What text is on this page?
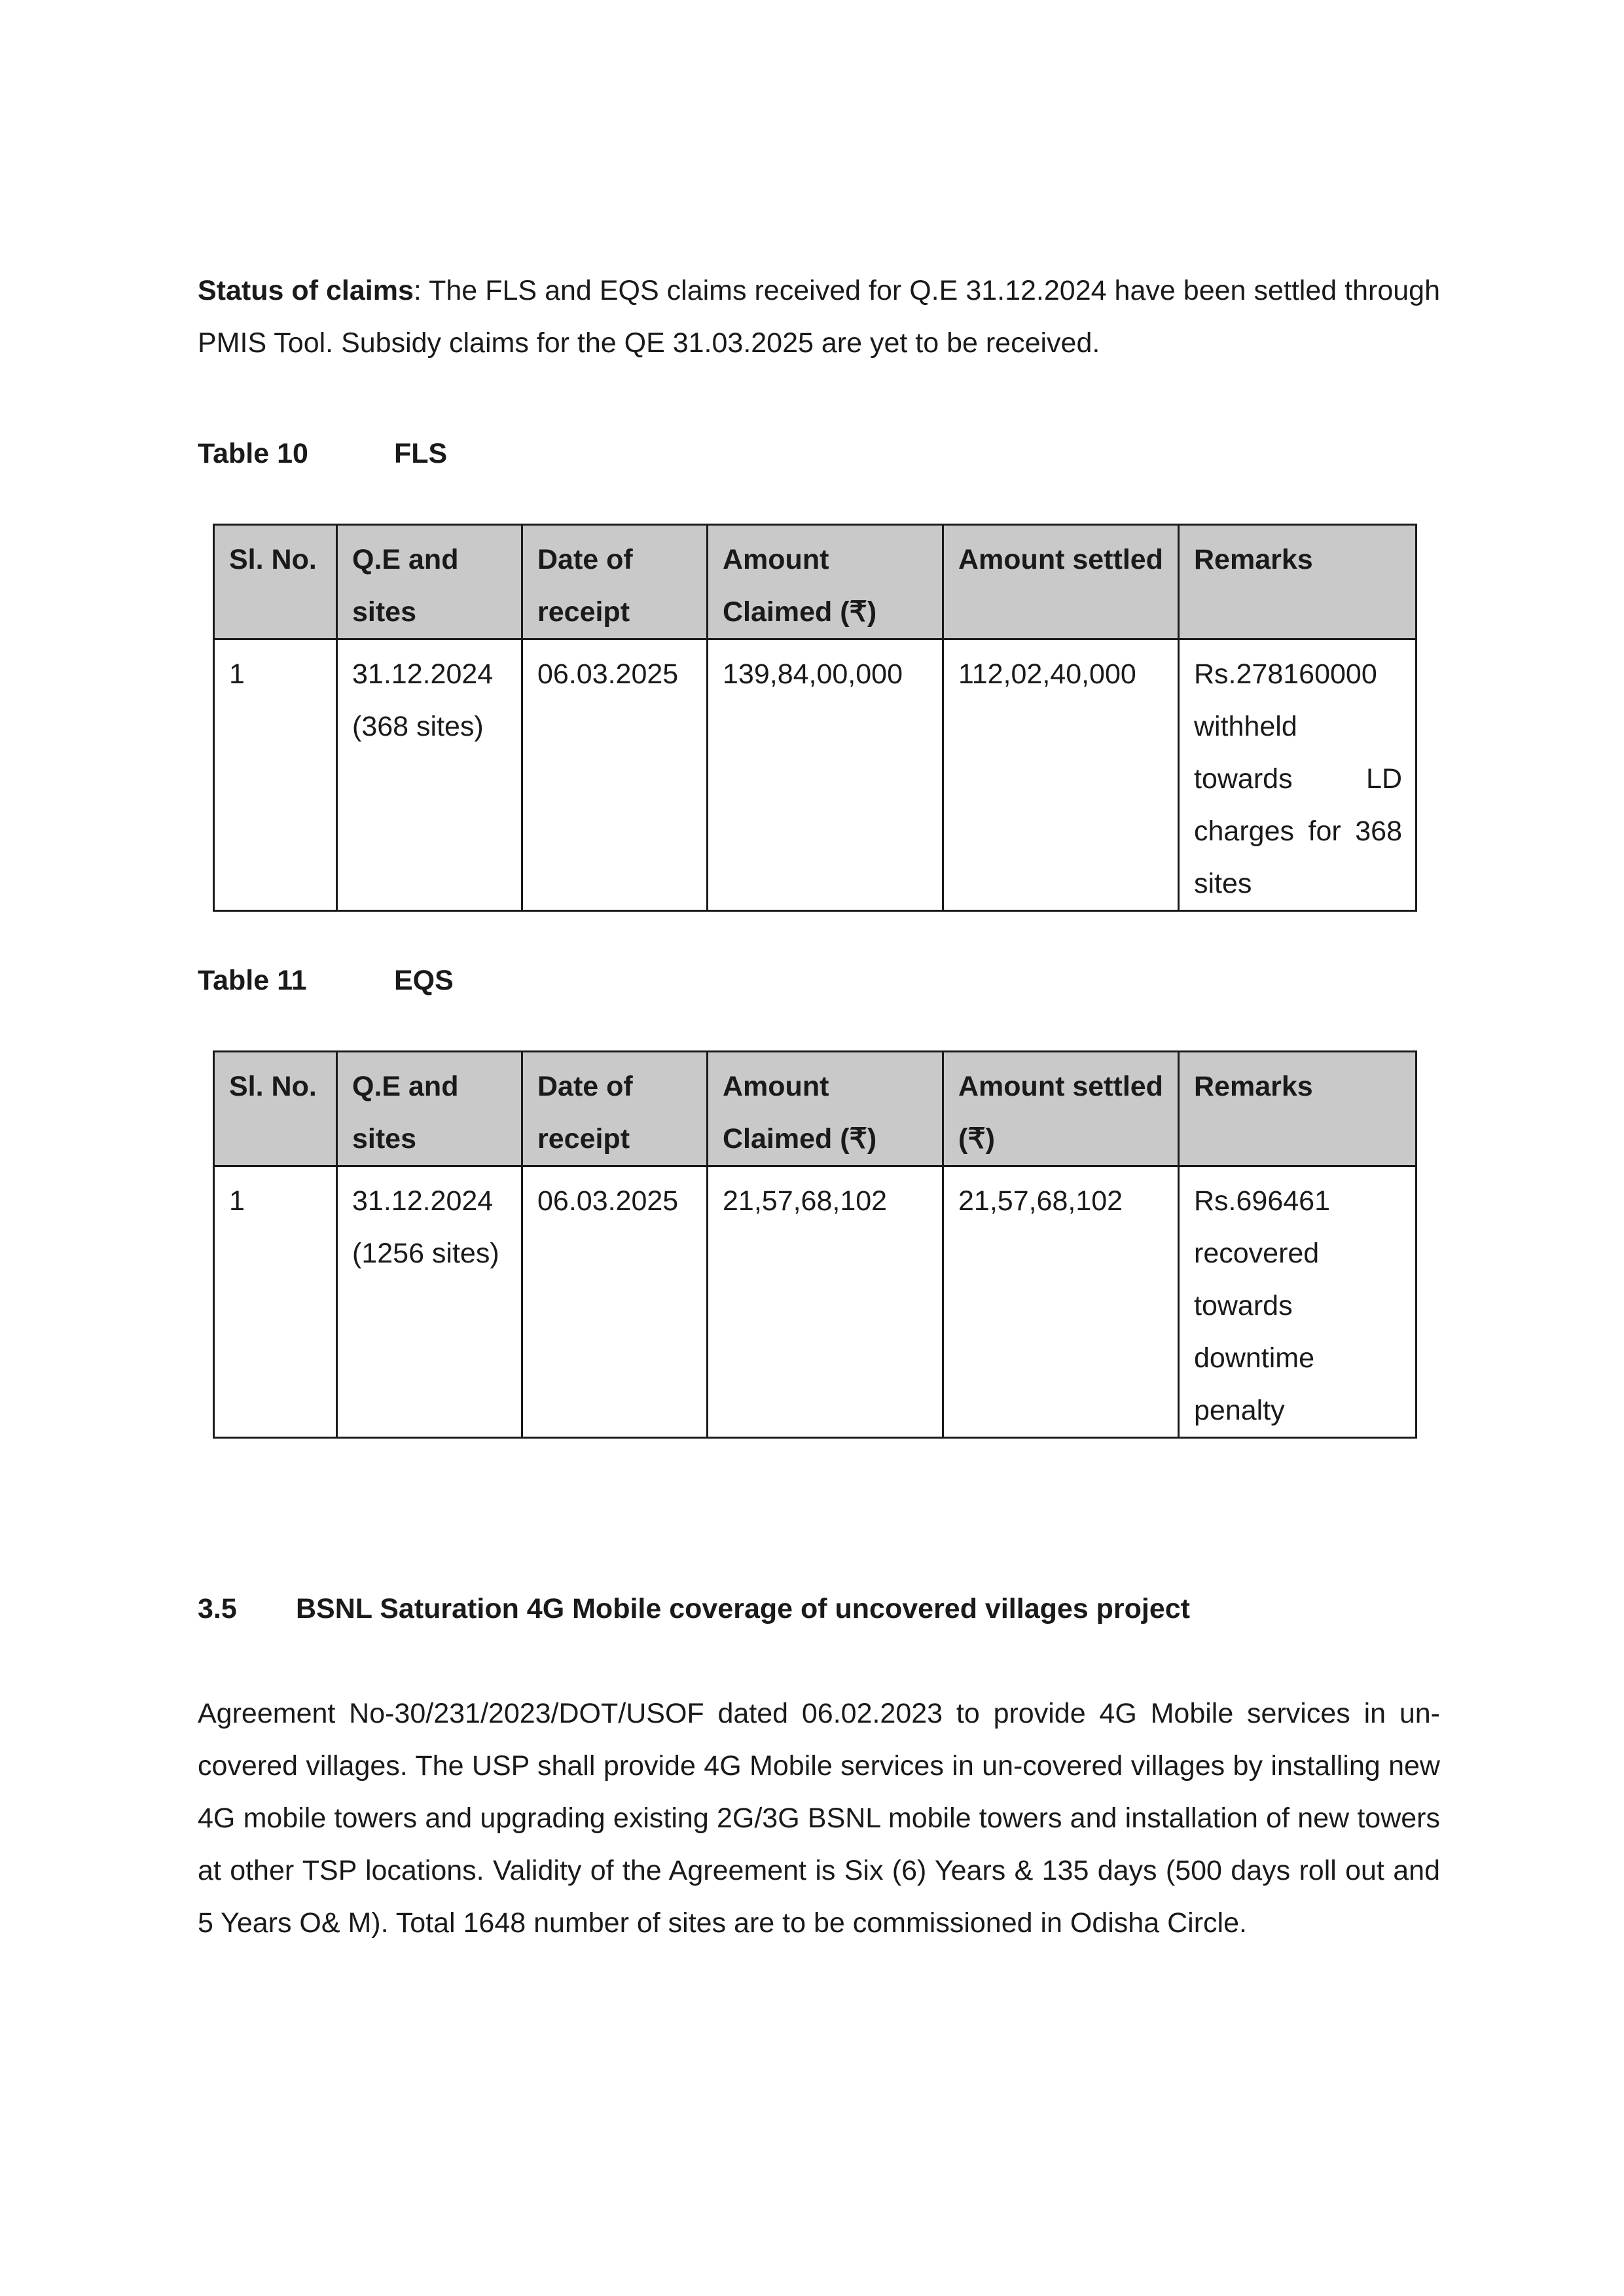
Status of claims: The FLS and EQS claims received for Q.E 31.12.2024 have been settled through PMIS Tool. Subsidy claims for the QE 31.03.2025 are yet to be received.

Table 10	FLS

Sl. No.	Q.E and sites	Date of receipt	Amount Claimed (₹)	Amount settled	Remarks
1	31.12.2024 (368 sites)	06.03.2025	139,84,00,000	112,02,40,000	Rs.278160000 withheld towards LD charges for 368 sites

Table 11	EQS

Sl. No.	Q.E and sites	Date of receipt	Amount Claimed (₹)	Amount settled (₹)	Remarks
1	31.12.2024 (1256 sites)	06.03.2025	21,57,68,102	21,57,68,102	Rs.696461 recovered towards downtime penalty

3.5 BSNL Saturation 4G Mobile coverage of uncovered villages project

Agreement No-30/231/2023/DOT/USOF dated 06.02.2023 to provide 4G Mobile services in un-covered villages. The USP shall provide 4G Mobile services in un-covered villages by installing new 4G mobile towers and upgrading existing 2G/3G BSNL mobile towers and installation of new towers at other TSP locations. Validity of the Agreement is Six (6) Years & 135 days (500 days roll out and 5 Years O& M). Total 1648 number of sites are to be commissioned in Odisha Circle.
